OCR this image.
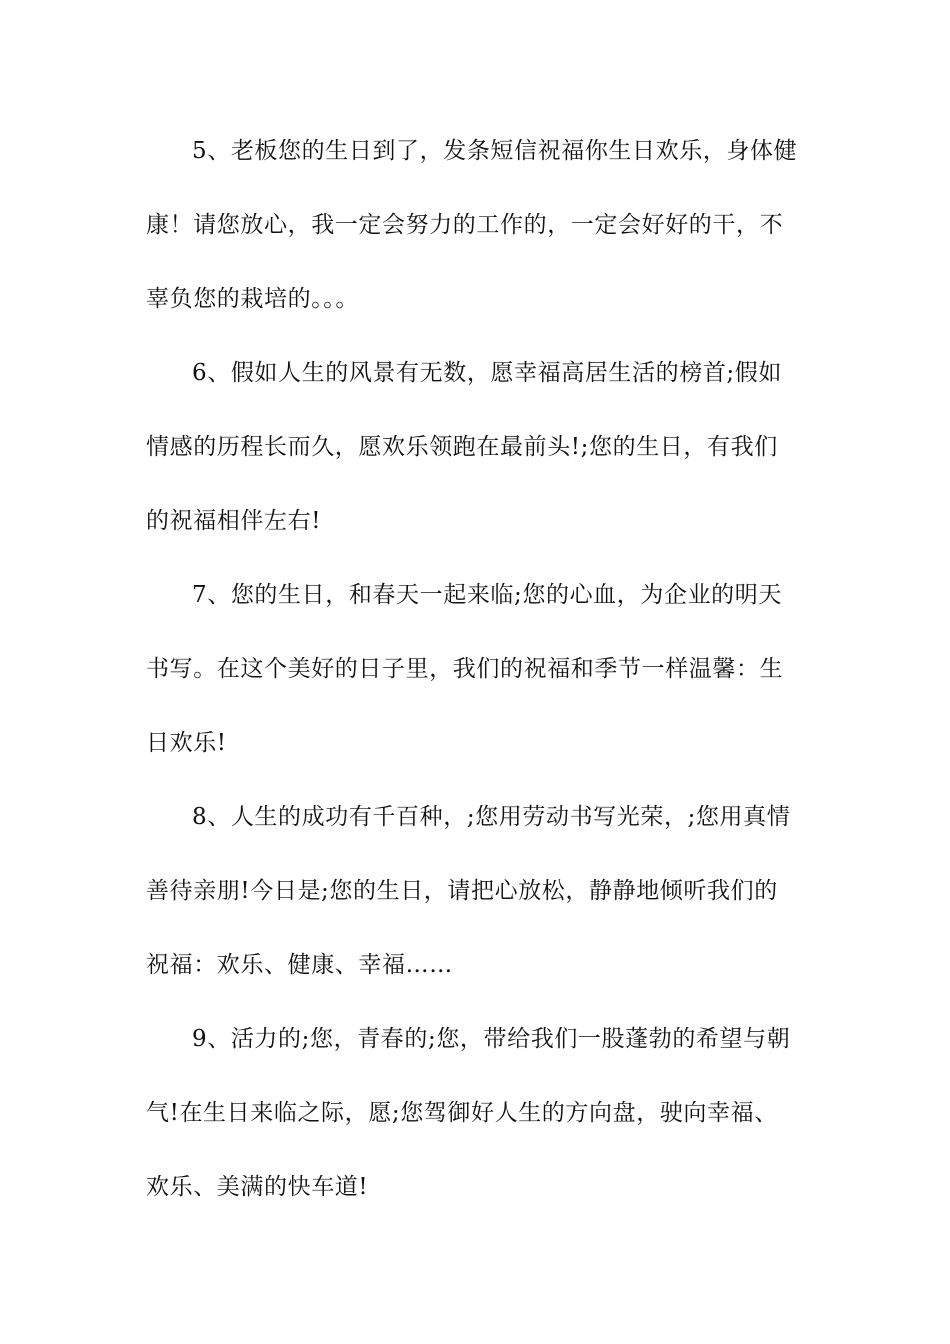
5、老板您的生日到了，发条短信祝福你生日欢乐，身体健
康！请您放心，我一定会努力的工作的，一定会好好的干，不
辜负您的栽培的。。。

6、假如人生的风景有无数，愿幸福高居生活的榜首;假如
情感的历程长而久，愿欢乐领跑在最前头!;您的生日，有我们
的祝福相伴左右!

7、您的生日，和春天一起来临;您的心血，为企业的明天
书写。在这个美好的日子里，我们的祝福和季节一样温馨：生
日欢乐!

8、人生的成功有千百种，;您用劳动书写光荣，;您用真情
善待亲朋!今日是;您的生日，请把心放松，静静地倾听我们的
祝福：欢乐、健康、幸福……

9、活力的;您，青春的;您，带给我们一股蓬勃的希望与朝
气!在生日来临之际，愿;您驾御好人生的方向盘，驶向幸福、
欢乐、美满的快车道!
